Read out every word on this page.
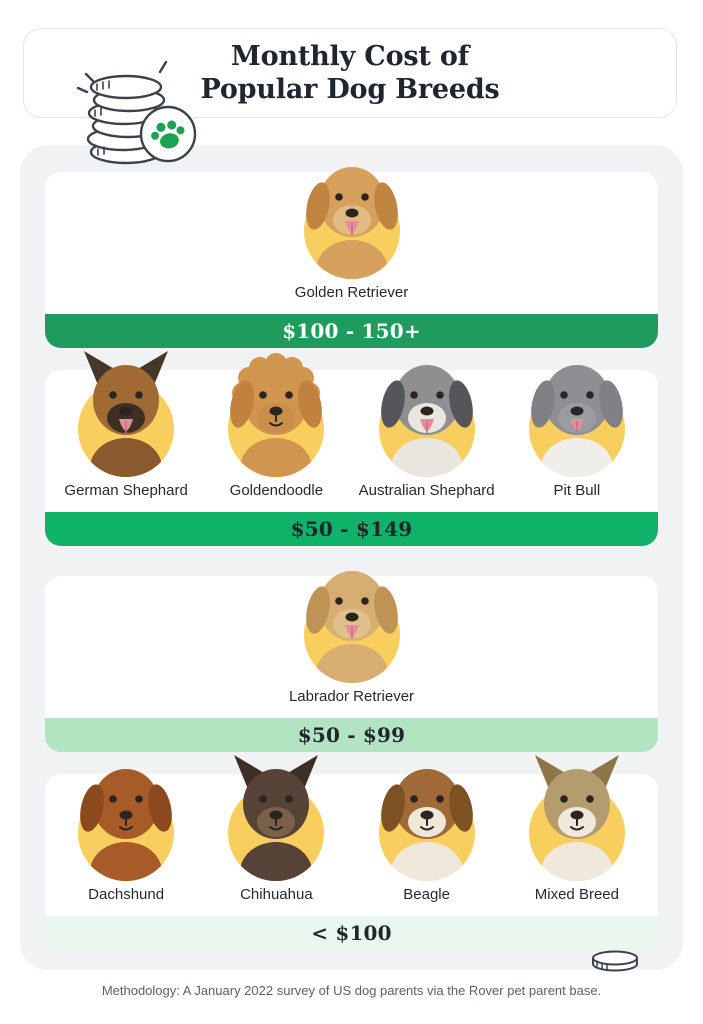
Monthly Cost of
Popular Dog Breeds
Golden Retriever
$100 - 150+
German Shephard	Goldendoodle Australian Shephard	Pit Bull
$50 - $149
Labrador Retriever
$50 - $99
Dachshund	Chihuahua	Beagle	Mixed Breed
< $100

Methodology: A January 2022 survey of US dog parents via the Rover pet parent base.
